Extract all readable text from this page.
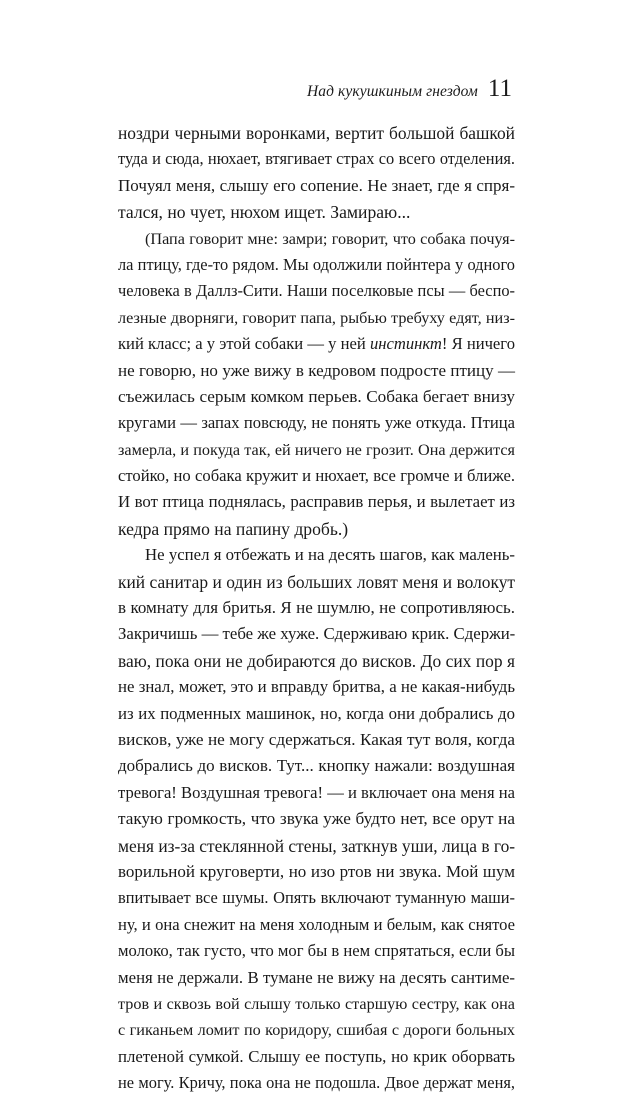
Над кукушкиным гнездом 11
ноздри черными воронками, вертит большой башкой
туда и сюда, нюхает, втягивает страх со всего отделения.
Почуял меня, слышу его сопение. Не знает, где я спря-
тался, но чует, нюхом ищет. Замираю...
(Папа говорит мне: замри; говорит, что собака почуя-
ла птицу, где-то рядом. Мы одолжили пойнтера у одного
человека в Даллз-Сити. Наши поселковые псы — беспо-
лезные дворняги, говорит папа, рыбью требуху едят, низ-
кий класс; а у этой собаки — у ней инстинкт! Я ничего
не говорю, но уже вижу в кедровом подросте птицу —
съежилась серым комком перьев. Собака бегает внизу
кругами — запах повсюду, не понять уже откуда. Птица
замерла, и покуда так, ей ничего не грозит. Она держится
стойко, но собака кружит и нюхает, все громче и ближе.
И вот птица поднялась, расправив перья, и вылетает из
кедра прямо на папину дробь.)
Не успел я отбежать и на десять шагов, как малень-
кий санитар и один из больших ловят меня и волокут
в комнату для бритья. Я не шумлю, не сопротивляюсь.
Закричишь — тебе же хуже. Сдерживаю крик. Сдержи-
ваю, пока они не добираются до висков. До сих пор я
не знал, может, это и вправду бритва, а не какая-нибудь
из их подменных машинок, но, когда они добрались до
висков, уже не могу сдержаться. Какая тут воля, когда
добрались до висков. Тут... кнопку нажали: воздушная
тревога! Воздушная тревога! — и включает она меня на
такую громкость, что звука уже будто нет, все орут на
меня из-за стеклянной стены, заткнув уши, лица в го-
ворильной круговерти, но изо ртов ни звука. Мой шум
впитывает все шумы. Опять включают туманную маши-
ну, и она снежит на меня холодным и белым, как снятое
молоко, так густо, что мог бы в нем спрятаться, если бы
меня не держали. В тумане не вижу на десять сантиме-
тров и сквозь вой слышу только старшую сестру, как она
с гиканьем ломит по коридору, сшибая с дороги больных
плетеной сумкой. Слышу ее поступь, но крик оборвать
не могу. Кричу, пока она не подошла. Двое держат меня,
